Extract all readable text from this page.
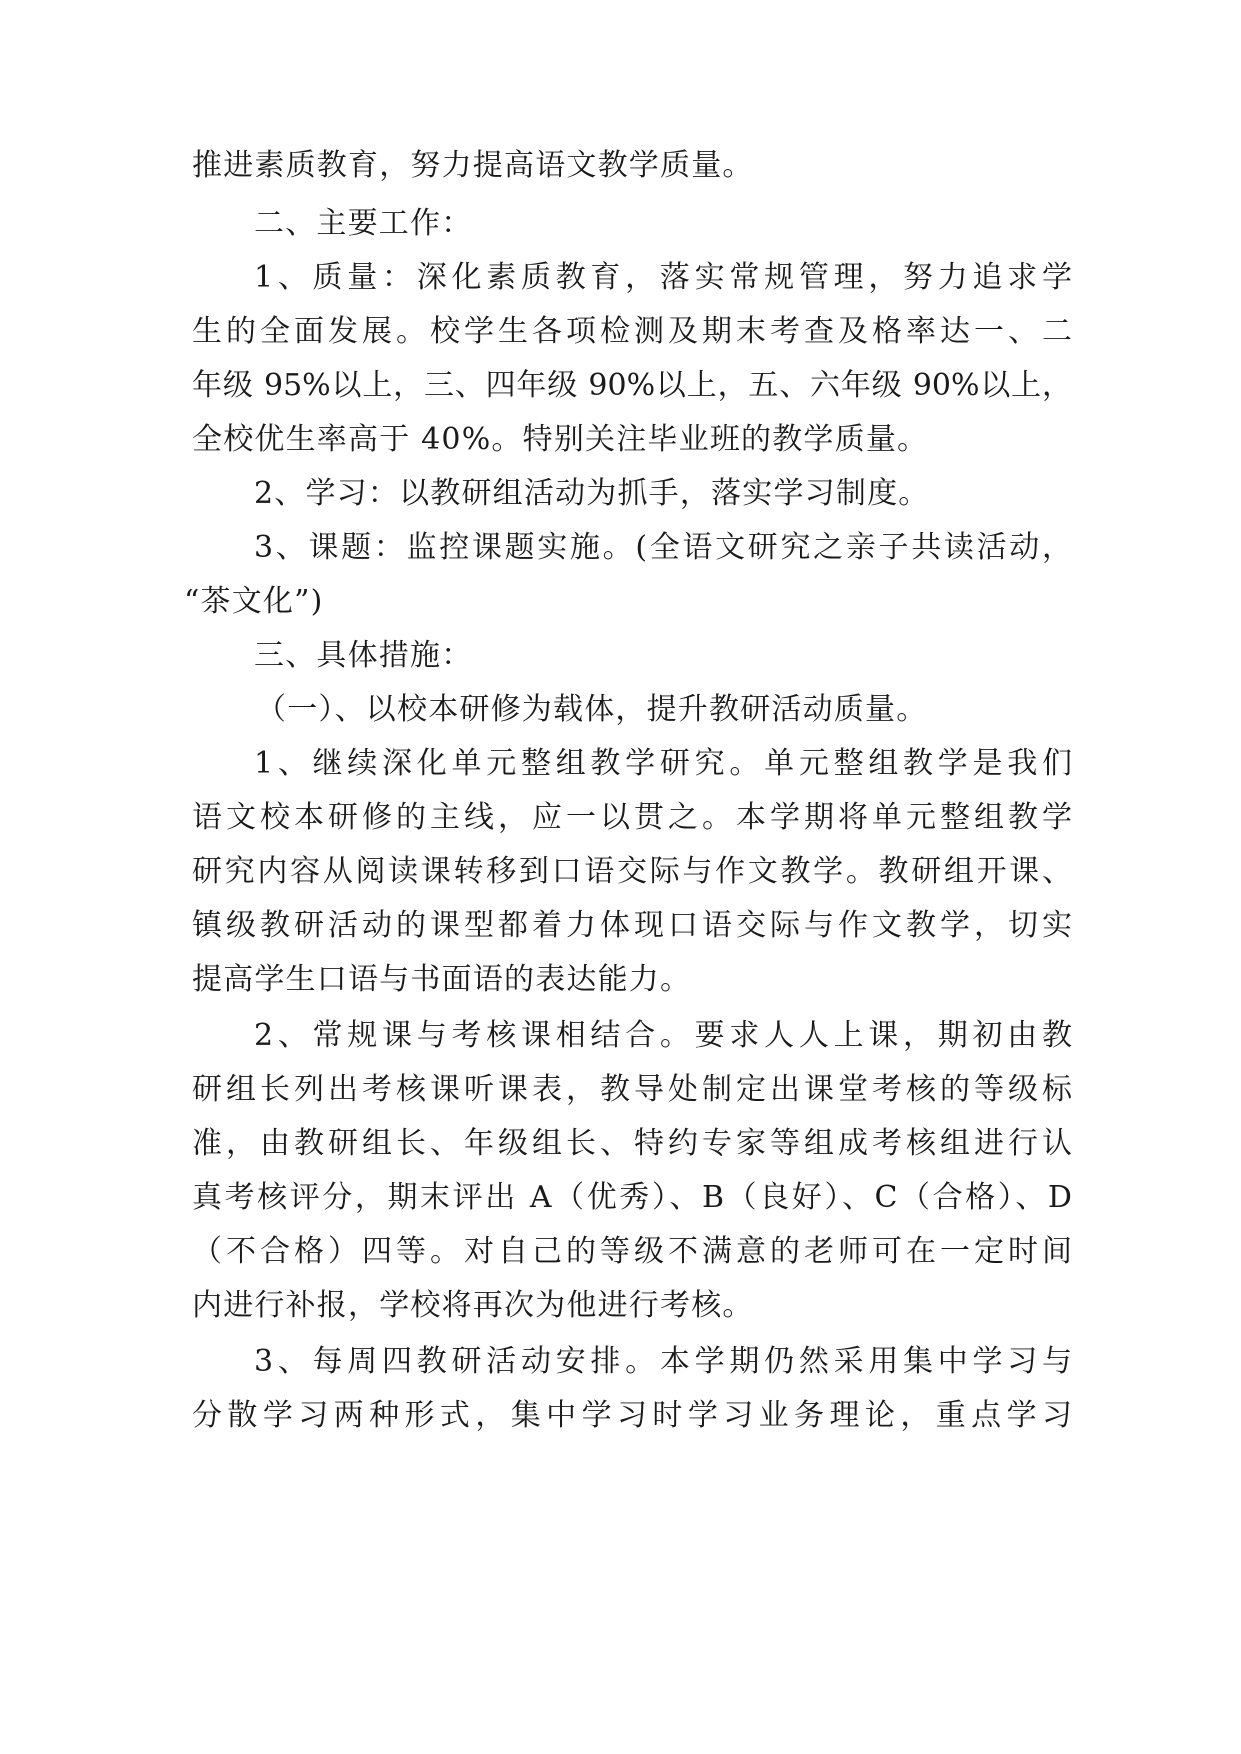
推进素质教育，努力提高语文教学质量。
二、主要工作：
1、质量：深化素质教育，落实常规管理，努力追求学
生的全面发展。校学生各项检测及期末考查及格率达一、二
年级 95%以上，三、四年级 90%以上，五、六年级 90%以上，
全校优生率高于 40%。特别关注毕业班的教学质量。
2、学习：以教研组活动为抓手，落实学习制度。
3、课题：监控课题实施。(全语文研究之亲子共读活动，
“茶文化”)
三、具体措施：
（一）、以校本研修为载体，提升教研活动质量。
1、继续深化单元整组教学研究。单元整组教学是我们
语文校本研修的主线，应一以贯之。本学期将单元整组教学
研究内容从阅读课转移到口语交际与作文教学。教研组开课、
镇级教研活动的课型都着力体现口语交际与作文教学，切实
提高学生口语与书面语的表达能力。
2、常规课与考核课相结合。要求人人上课，期初由教
研组长列出考核课听课表，教导处制定出课堂考核的等级标
准，由教研组长、年级组长、特约专家等组成考核组进行认
真考核评分，期末评出 A（优秀）、B（良好）、C（合格）、D
（不合格）四等。对自己的等级不满意的老师可在一定时间
内进行补报，学校将再次为他进行考核。
3、每周四教研活动安排。本学期仍然采用集中学习与
分散学习两种形式，集中学习时学习业务理论，重点学习
